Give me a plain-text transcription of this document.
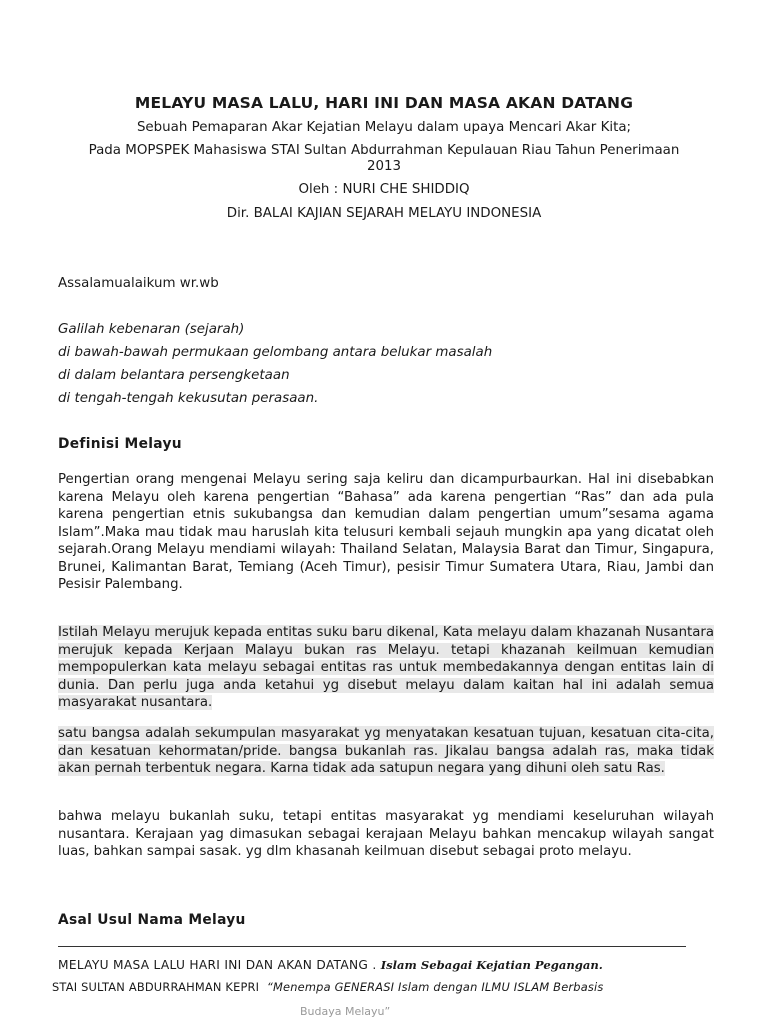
MELAYU MASA LALU, HARI INI DAN MASA AKAN DATANG
Sebuah Pemaparan Akar Kejatian Melayu dalam upaya Mencari Akar Kita;
Pada MOPSPEK Mahasiswa STAI Sultan Abdurrahman Kepulauan Riau Tahun Penerimaan 2013
Oleh : NURI CHE SHIDDIQ
Dir. BALAI KAJIAN SEJARAH MELAYU INDONESIA
Assalamualaikum wr.wb
Galilah kebenaran (sejarah)
di bawah-bawah permukaan gelombang antara belukar masalah
di dalam belantara persengketaan
di tengah-tengah kekusutan perasaan.
Definisi Melayu
Pengertian orang mengenai Melayu sering saja keliru dan dicampurbaurkan. Hal ini disebabkan karena Melayu oleh karena pengertian “Bahasa” ada karena pengertian “Ras” dan ada pula karena pengertian etnis sukubangsa dan kemudian dalam pengertian umum”sesama agama Islam”.Maka mau tidak mau haruslah kita telusuri kembali sejauh mungkin apa yang dicatat oleh sejarah.Orang Melayu mendiami wilayah: Thailand Selatan, Malaysia Barat dan Timur, Singapura, Brunei, Kalimantan Barat, Temiang (Aceh Timur), pesisir Timur Sumatera Utara, Riau, Jambi dan Pesisir Palembang.
Istilah Melayu merujuk kepada entitas suku baru dikenal, Kata melayu dalam khazanah Nusantara merujuk kepada Kerjaan Malayu bukan ras Melayu. tetapi khazanah keilmuan kemudian mempopulerkan kata melayu sebagai entitas ras untuk membedakannya dengan entitas lain di dunia. Dan perlu juga anda ketahui yg disebut melayu dalam kaitan hal ini adalah semua masyarakat nusantara.
satu bangsa adalah sekumpulan masyarakat yg menyatakan kesatuan tujuan, kesatuan cita-cita, dan kesatuan kehormatan/pride. bangsa bukanlah ras. Jikalau bangsa adalah ras, maka tidak akan pernah terbentuk negara. Karna tidak ada satupun negara yang dihuni oleh satu Ras.
bahwa melayu bukanlah suku, tetapi entitas masyarakat yg mendiami keseluruhan wilayah nusantara. Kerajaan yag dimasukan sebagai kerajaan Melayu bahkan mencakup wilayah sangat luas, bahkan sampai sasak. yg dlm khasanah keilmuan disebut sebagai proto melayu.
Asal Usul Nama Melayu
MELAYU MASA LALU HARI INI DAN AKAN DATANG . Islam Sebagai Kejatian Pegangan.
STAI SULTAN ABDURRAHMAN KEPRI “Menempa GENERASI Islam dengan ILMU ISLAM Berbasis
Budaya Melayu”
